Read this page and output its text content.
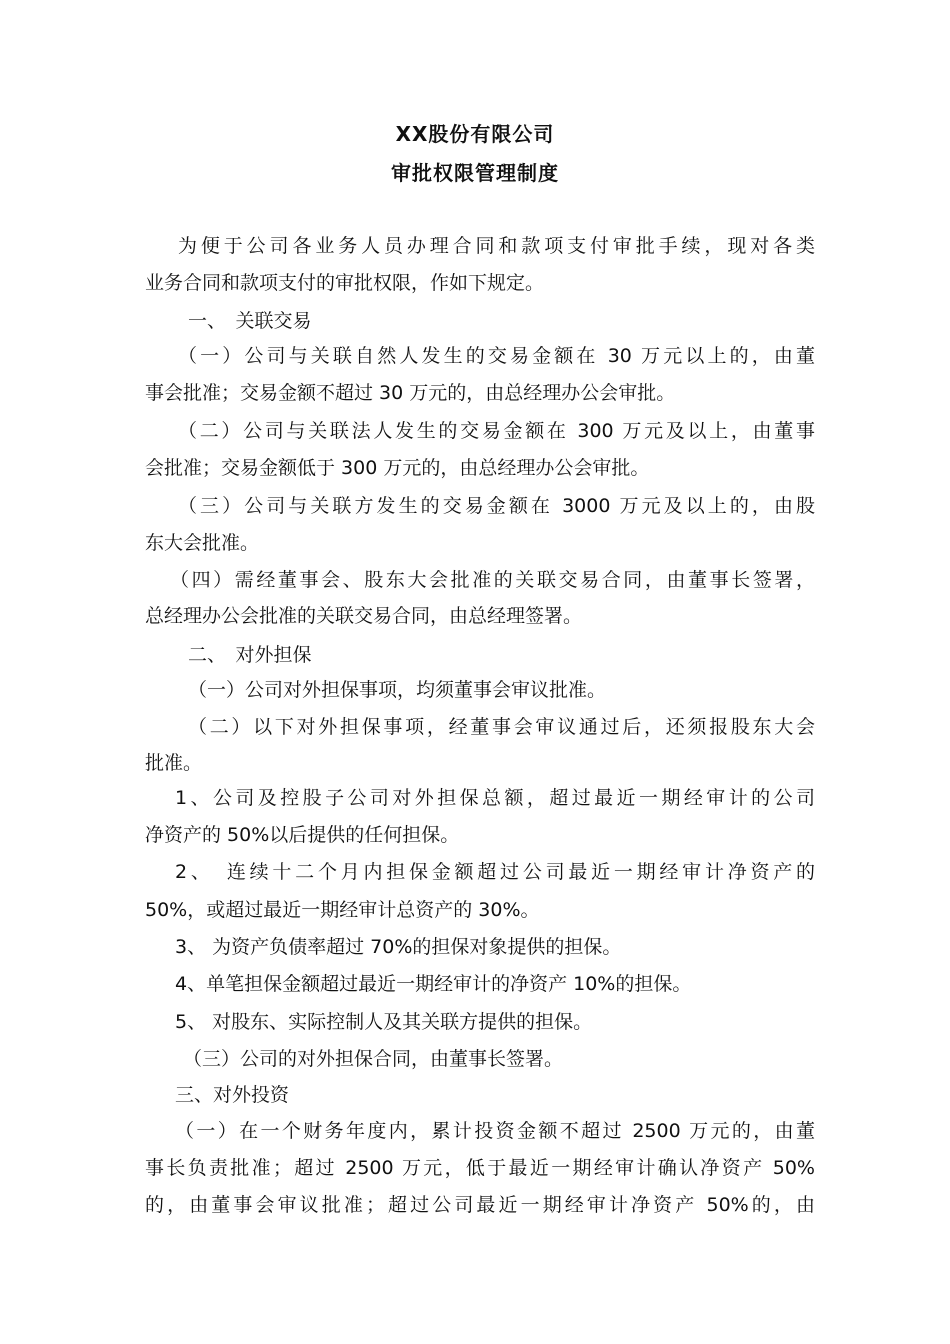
XX股份有限公司
审批权限管理制度
为便于公司各业务人员办理合同和款项支付审批手续，现对各类
业务合同和款项支付的审批权限，作如下规定。
一、　关联交易
（一）公司与关联自然人发生的交易金额在 30 万元以上的，由董
事会批准；交易金额不超过 30 万元的，由总经理办公会审批。
（二）公司与关联法人发生的交易金额在 300 万元及以上，由董事
会批准；交易金额低于 300 万元的，由总经理办公会审批。
（三）公司与关联方发生的交易金额在 3000 万元及以上的，由股
东大会批准。
（四）需经董事会、股东大会批准的关联交易合同，由董事长签署，
总经理办公会批准的关联交易合同，由总经理签署。
二、　对外担保
（一）公司对外担保事项，均须董事会审议批准。
（二）以下对外担保事项，经董事会审议通过后，还须报股东大会
批准。
1、公司及控股子公司对外担保总额，超过最近一期经审计的公司
净资产的 50%以后提供的任何担保。
2、　连续十二个月内担保金额超过公司最近一期经审计净资产的
50%，或超过最近一期经审计总资产的 30%。
3、 为资产负债率超过 70%的担保对象提供的担保。
4、单笔担保金额超过最近一期经审计的净资产 10%的担保。
5、 对股东、实际控制人及其关联方提供的担保。
（三）公司的对外担保合同，由董事长签署。
三、对外投资
（一）在一个财务年度内，累计投资金额不超过 2500 万元的，由董
事长负责批准；超过 2500 万元，低于最近一期经审计确认净资产 50%
的，由董事会审议批准；超过公司最近一期经审计净资产 50%的，由
